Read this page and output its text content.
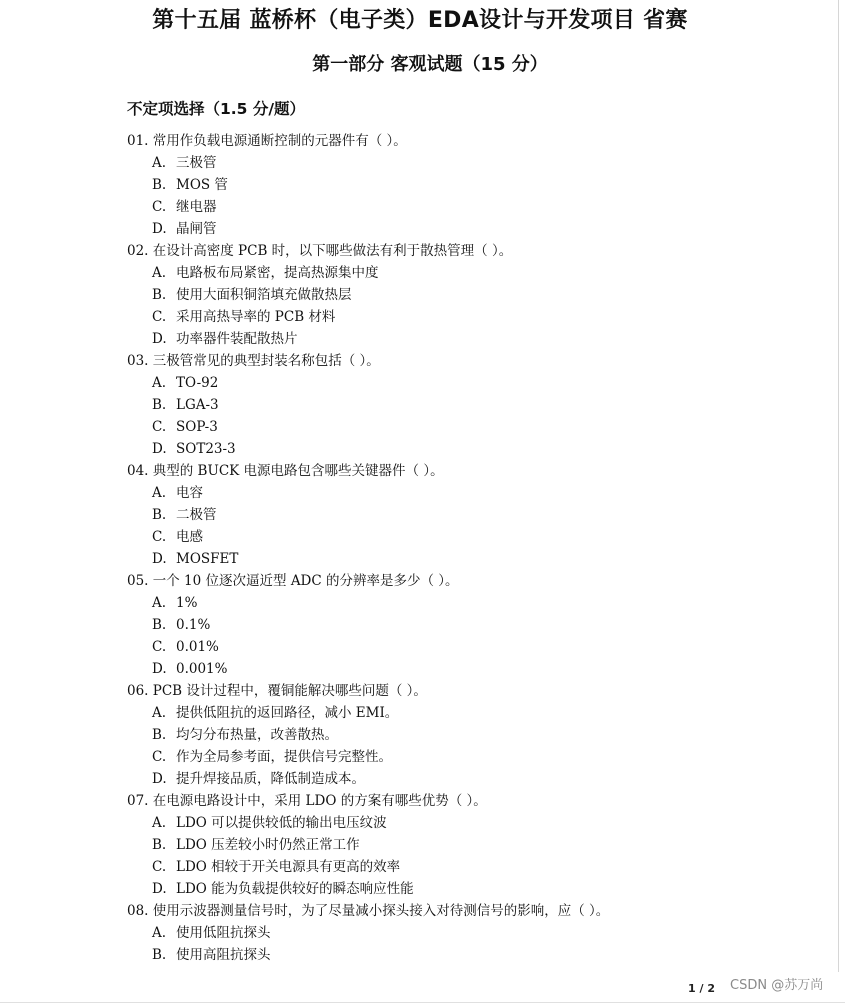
第十五届 蓝桥杯（电子类）EDA设计与开发项目 省赛
第一部分 客观试题（15 分）
不定项选择（1.5 分/题）
01. 常用作负载电源通断控制的元器件有（ ）。
A. 三极管
B. MOS 管
C. 继电器
D. 晶闸管
02. 在设计高密度 PCB 时，以下哪些做法有利于散热管理（ ）。
A. 电路板布局紧密，提高热源集中度
B. 使用大面积铜箔填充做散热层
C. 采用高热导率的 PCB 材料
D. 功率器件装配散热片
03. 三极管常见的典型封装名称包括（ ）。
A. TO-92
B. LGA-3
C. SOP-3
D. SOT23-3
04. 典型的 BUCK 电源电路包含哪些关键器件（ ）。
A. 电容
B. 二极管
C. 电感
D. MOSFET
05. 一个 10 位逐次逼近型 ADC 的分辨率是多少（ ）。
A. 1%
B. 0.1%
C. 0.01%
D. 0.001%
06. PCB 设计过程中，覆铜能解决哪些问题（ ）。
A. 提供低阻抗的返回路径，减小 EMI。
B. 均匀分布热量，改善散热。
C. 作为全局参考面，提供信号完整性。
D. 提升焊接品质，降低制造成本。
07. 在电源电路设计中，采用 LDO 的方案有哪些优势（ ）。
A. LDO 可以提供较低的输出电压纹波
B. LDO 压差较小时仍然正常工作
C. LDO 相较于开关电源具有更高的效率
D. LDO 能为负载提供较好的瞬态响应性能
08. 使用示波器测量信号时，为了尽量减小探头接入对待测信号的影响，应（ ）。
A. 使用低阻抗探头
B. 使用高阻抗探头
1 / 2 CSDN @苏万尚
